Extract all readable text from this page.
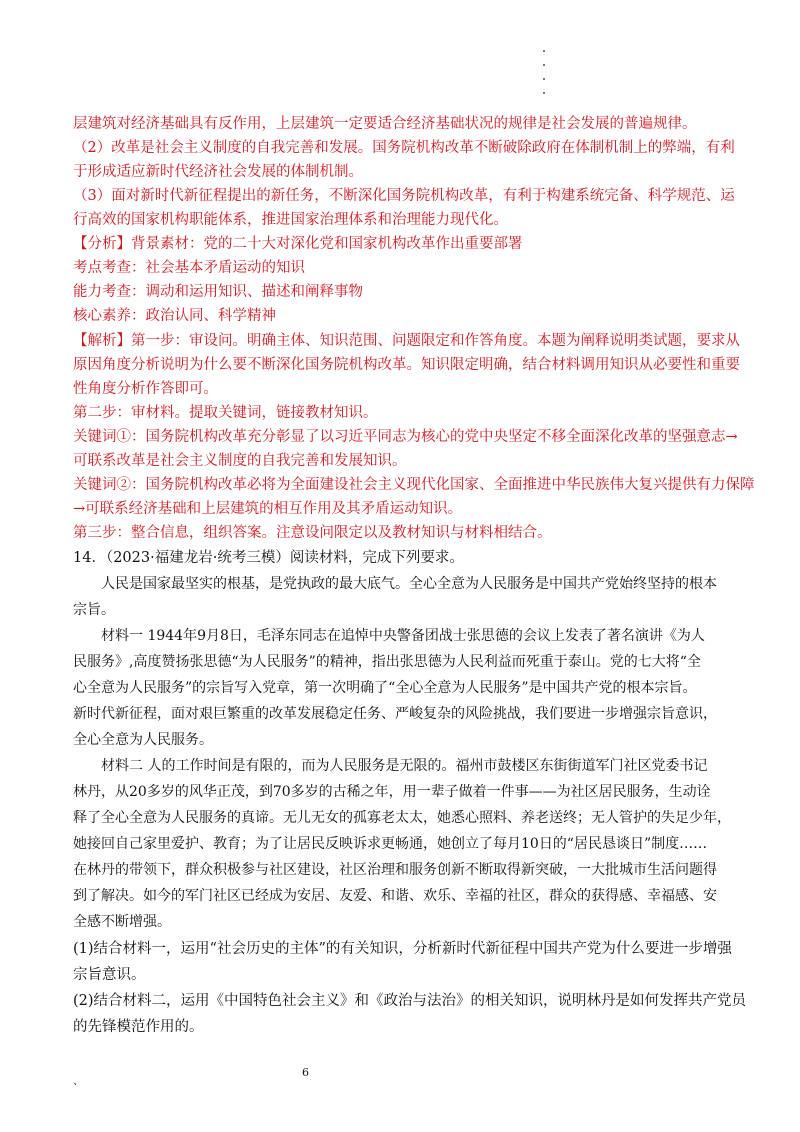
层建筑对经济基础具有反作用，上层建筑一定要适合经济基础状况的规律是社会发展的普遍规律。
（2）改革是社会主义制度的自我完善和发展。国务院机构改革不断破除政府在体制机制上的弊端，有利
于形成适应新时代经济社会发展的体制机制。
（3）面对新时代新征程提出的新任务，不断深化国务院机构改革，有利于构建系统完备、科学规范、运
行高效的国家机构职能体系，推进国家治理体系和治理能力现代化。
【分析】背景素材：党的二十大对深化党和国家机构改革作出重要部署
考点考查：社会基本矛盾运动的知识
能力考查：调动和运用知识、描述和阐释事物
核心素养：政治认同、科学精神
【解析】第一步：审设问。明确主体、知识范围、问题限定和作答角度。本题为阐释说明类试题，要求从
原因角度分析说明为什么要不断深化国务院机构改革。知识限定明确，结合材料调用知识从必要性和重要
性角度分析作答即可。
第二步：审材料。提取关键词，链接教材知识。
关键词①：国务院机构改革充分彰显了以习近平同志为核心的党中央坚定不移全面深化改革的坚强意志→
可联系改革是社会主义制度的自我完善和发展知识。
关键词②：国务院机构改革必将为全面建设社会主义现代化国家、全面推进中华民族伟大复兴提供有力保障
→可联系经济基础和上层建筑的相互作用及其矛盾运动知识。
第三步：整合信息，组织答案。注意设问限定以及教材知识与材料相结合。
14．（2023·福建龙岩·统考三模）阅读材料，完成下列要求。
人民是国家最坚实的根基，是党执政的最大底气。全心全意为人民服务是中国共产党始终坚持的根本
宗旨。
材料一 1944年9月8日，毛泽东同志在追悼中央警备团战士张思德的会议上发表了著名演讲《为人
民服务》,高度赞扬张思德“为人民服务”的精神，指出张思德为人民利益而死重于泰山。党的七大将“全
心全意为人民服务”的宗旨写入党章，第一次明确了“全心全意为人民服务”是中国共产党的根本宗旨。
新时代新征程，面对艰巨繁重的改革发展稳定任务、严峻复杂的风险挑战，我们要进一步增强宗旨意识，
全心全意为人民服务。
材料二 人的工作时间是有限的，而为人民服务是无限的。福州市鼓楼区东街街道军门社区党委书记
林丹，从20多岁的风华正茂，到70多岁的古稀之年，用一辈子做着一件事——为社区居民服务，生动诠
释了全心全意为人民服务的真谛。无儿无女的孤寡老太太，她悉心照料、养老送终；无人管护的失足少年，
她接回自己家里爱护、教育；为了让居民反映诉求更畅通，她创立了每月10日的“居民恳谈日”制度……
在林丹的带领下，群众积极参与社区建设，社区治理和服务创新不断取得新突破，一大批城市生活问题得
到了解决。如今的军门社区已经成为安居、友爱、和谐、欢乐、幸福的社区，群众的获得感、幸福感、安
全感不断增强。
(1)结合材料一，运用“社会历史的主体”的有关知识，分析新时代新征程中国共产党为什么要进一步增强
宗旨意识。
(2)结合材料二，运用《中国特色社会主义》和《政治与法治》的相关知识，说明林丹是如何发挥共产党员
的先锋模范作用的。
6
、
